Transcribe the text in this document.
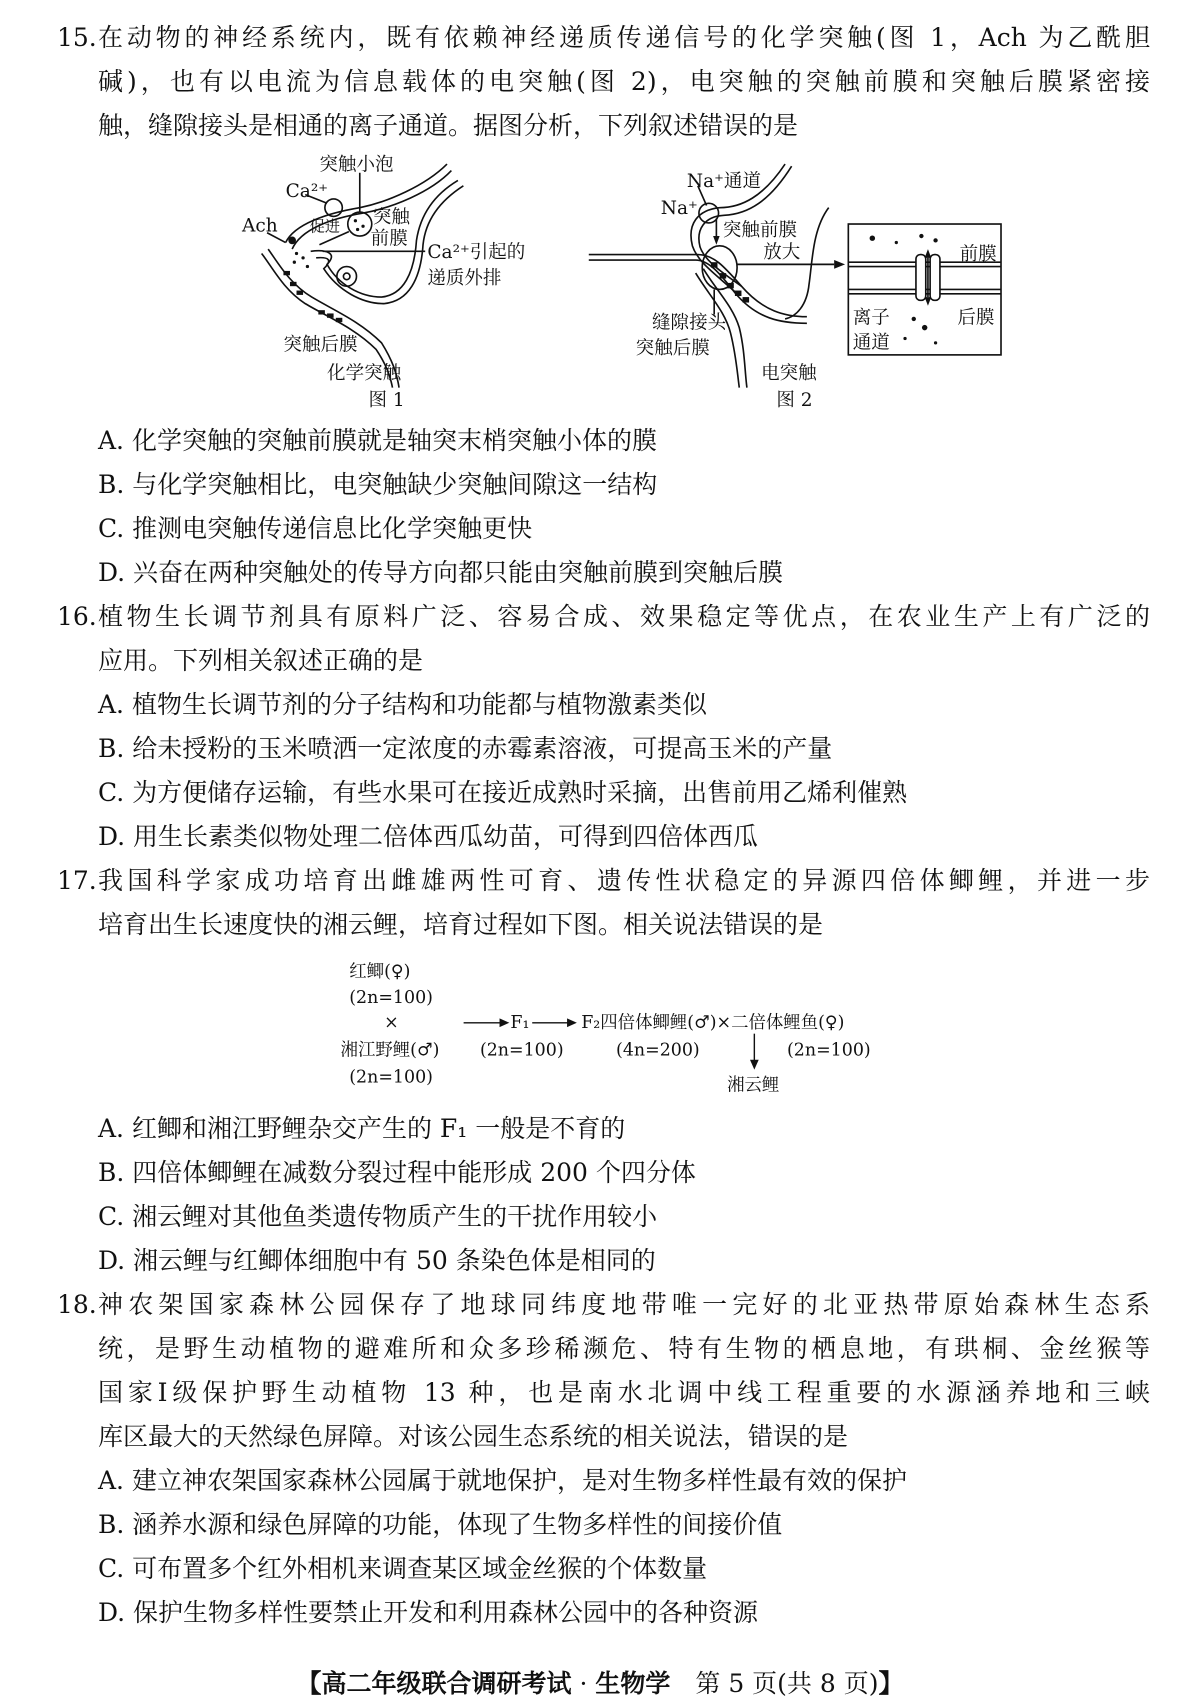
15. 在动物的神经系统内，既有依赖神经递质传递信号的化学突触(图 1，Ach 为乙酰胆
碱)，也有以电流为信息载体的电突触(图 2)，电突触的突触前膜和突触后膜紧密接
触，缝隙接头是相通的离子通道。据图分析，下列叙述错误的是
突触小泡
Ca²⁺
Ach 促进 突触
前膜
Ca²⁺引起的
递质外排
突触后膜
化学突触
图 1
Na⁺通道
Na⁺
突触前膜
放大
缝隙接头
突触后膜
电突触
图 2
前膜
后膜
离子
通道
A. 化学突触的突触前膜就是轴突末梢突触小体的膜
B. 与化学突触相比，电突触缺少突触间隙这一结构
C. 推测电突触传递信息比化学突触更快
D. 兴奋在两种突触处的传导方向都只能由突触前膜到突触后膜
16. 植物生长调节剂具有原料广泛、容易合成、效果稳定等优点，在农业生产上有广泛的
应用。下列相关叙述正确的是
A. 植物生长调节剂的分子结构和功能都与植物激素类似
B. 给未授粉的玉米喷洒一定浓度的赤霉素溶液，可提高玉米的产量
C. 为方便储存运输，有些水果可在接近成熟时采摘，出售前用乙烯利催熟
D. 用生长素类似物处理二倍体西瓜幼苗，可得到四倍体西瓜
17. 我国科学家成功培育出雌雄两性可育、遗传性状稳定的异源四倍体鲫鲤，并进一步
培育出生长速度快的湘云鲤，培育过程如下图。相关说法错误的是
红鲫(♀)
(2n=100)
×
湘江野鲤(♂)
(2n=100)
F₁
(2n=100)
F₂四倍体鲫鲤(♂)×二倍体鲤鱼(♀)
(4n=200)	(2n=100)
湘云鲤
A. 红鲫和湘江野鲤杂交产生的 F₁ 一般是不育的
B. 四倍体鲫鲤在减数分裂过程中能形成 200 个四分体
C. 湘云鲤对其他鱼类遗传物质产生的干扰作用较小
D. 湘云鲤与红鲫体细胞中有 50 条染色体是相同的
18. 神农架国家森林公园保存了地球同纬度地带唯一完好的北亚热带原始森林生态系
统，是野生动植物的避难所和众多珍稀濒危、特有生物的栖息地，有珙桐、金丝猴等
国家Ⅰ级保护野生动植物 13 种，也是南水北调中线工程重要的水源涵养地和三峡
库区最大的天然绿色屏障。对该公园生态系统的相关说法，错误的是
A. 建立神农架国家森林公园属于就地保护，是对生物多样性最有效的保护
B. 涵养水源和绿色屏障的功能，体现了生物多样性的间接价值
C. 可布置多个红外相机来调查某区域金丝猴的个体数量
D. 保护生物多样性要禁止开发和利用森林公园中的各种资源
【高二年级联合调研考试 · 生物学　第 5 页(共 8 页)】
